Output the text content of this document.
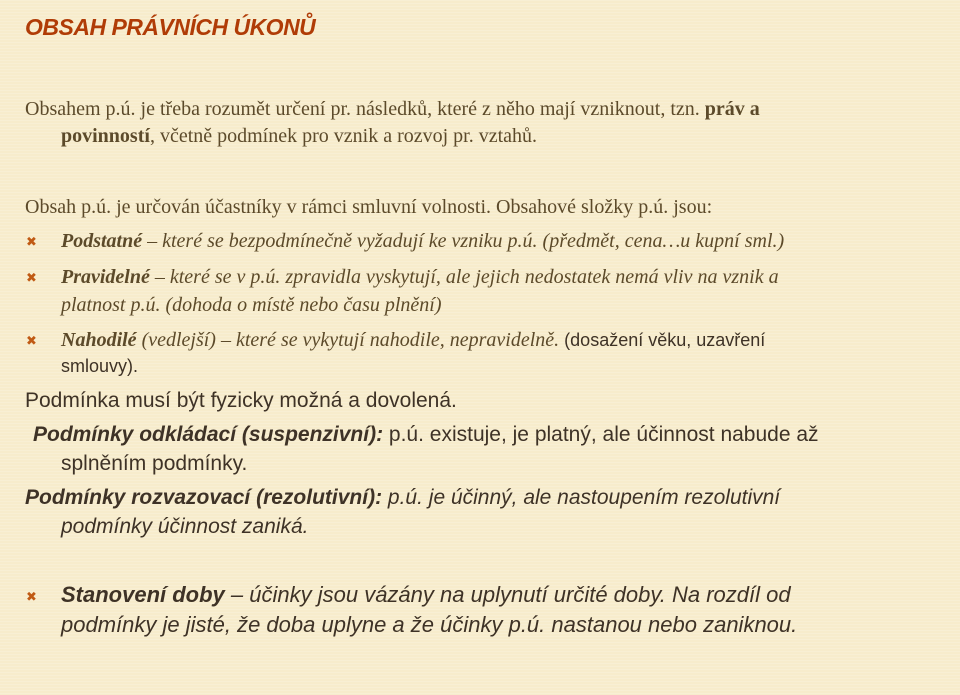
OBSAH PRÁVNÍCH ÚKONŮ
Obsahem p.ú. je třeba rozumět určení pr. následků, které z něho mají vzniknout, tzn. práv a
povinností, včetně podmínek pro vznik a rozvoj pr. vztahů.
Obsah p.ú. je určován účastníky v rámci smluvní volnosti. Obsahové složky p.ú. jsou:
✖ Podstatné – které se bezpodmínečně vyžadují ke vzniku p.ú. (předmět, cena…u kupní sml.)
✖ Pravidelné – které se v p.ú. zpravidla vyskytují, ale jejich nedostatek nemá vliv na vznik a
platnost p.ú. (dohoda o místě nebo času plnění)
✖ Nahodilé (vedlejší) – které se vykytují nahodile, nepravidelně. (dosažení věku, uzavření
smlouvy).
Podmínka musí být fyzicky možná a dovolená.
Podmínky odkládací (suspenzivní): p.ú. existuje, je platný, ale účinnost nabude až
splněním podmínky.
Podmínky rozvazovací (rezolutivní): p.ú. je účinný, ale nastoupením rezolutivní
podmínky účinnost zaniká.
✖ Stanovení doby – účinky jsou vázány na uplynutí určité doby. Na rozdíl od
podmínky je jisté, že doba uplyne a že účinky p.ú. nastanou nebo zaniknou.
